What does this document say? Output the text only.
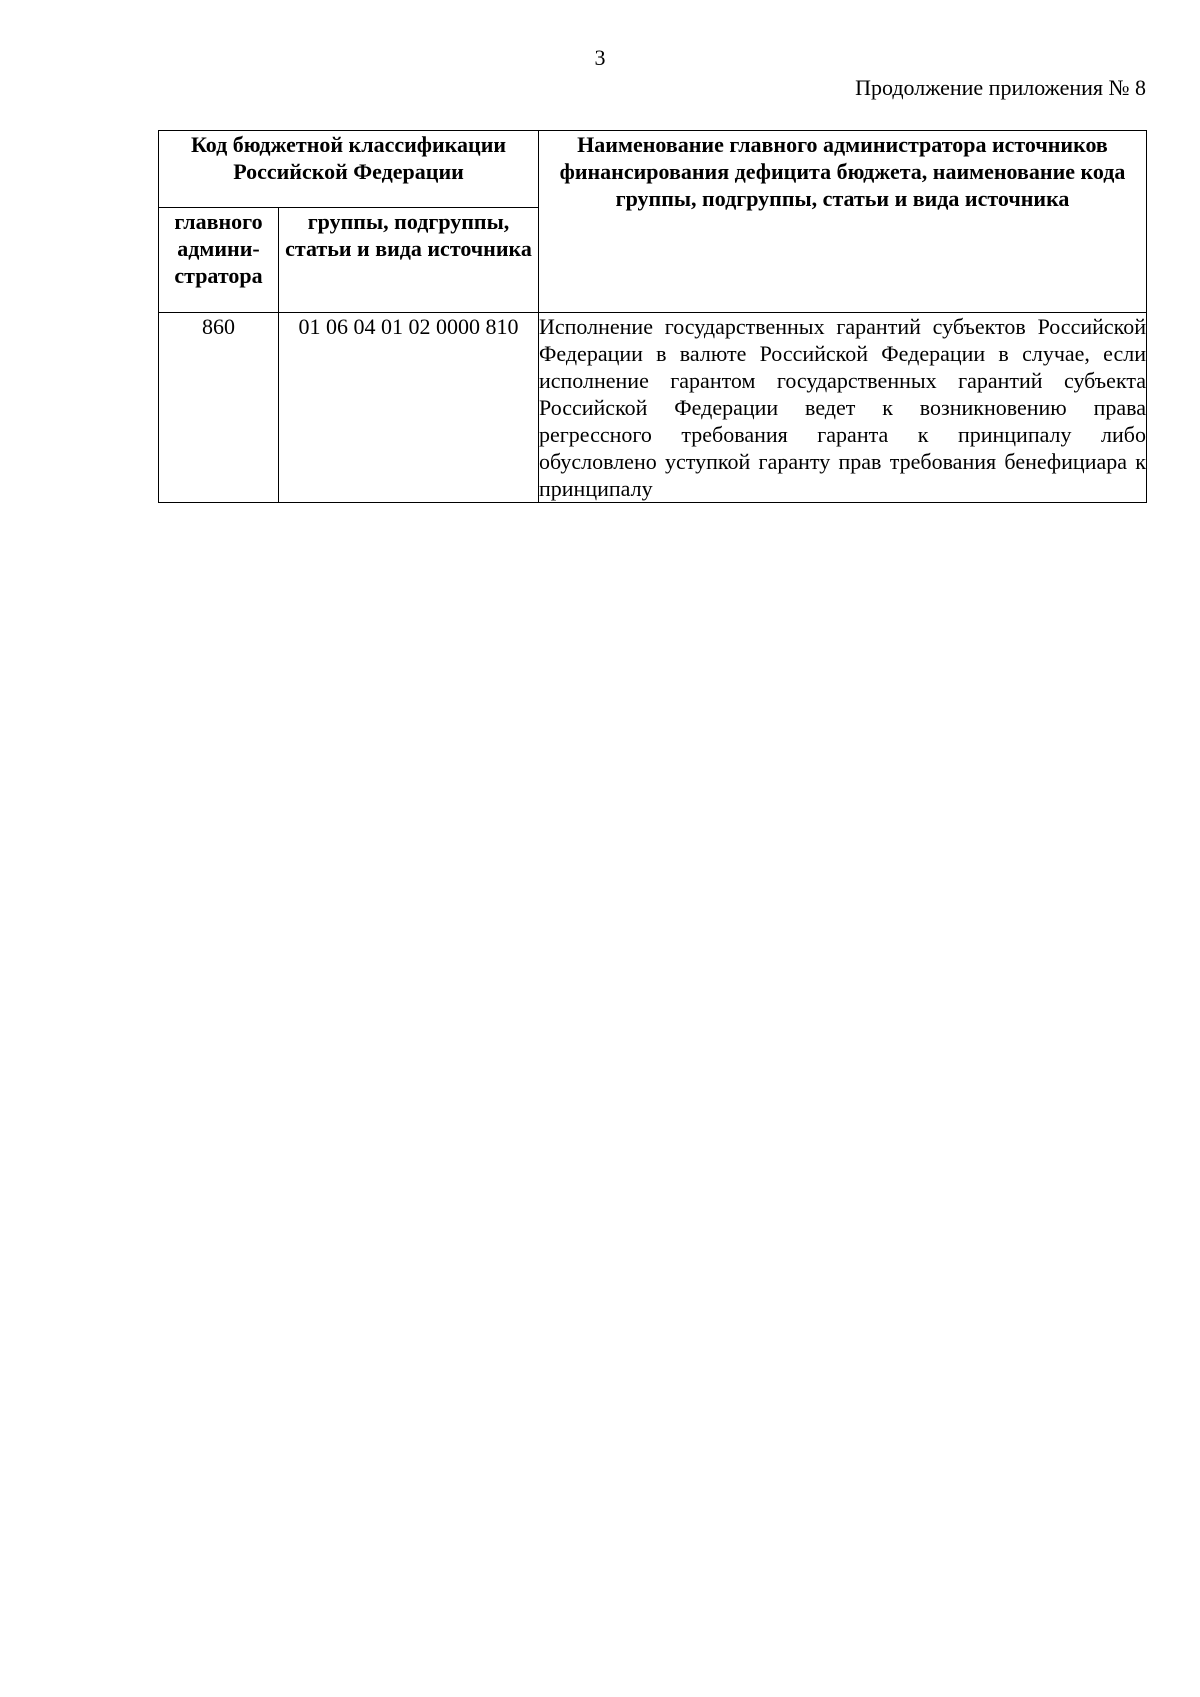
3
Продолжение приложения № 8
Код бюджетной классификации Российской Федерации		Наименование главного администратора источников финансирования дефицита бюджета, наименование кода группы, подгруппы, статьи и вида источника
главного админи-стратора	группы, подгруппы, статьи и вида источника	
860	01 06 04 01 02 0000 810	Исполнение государственных гарантий субъектов Российской Федерации в валюте Российской Федерации в случае, если исполнение гарантом государственных гарантий субъекта Российской Федерации ведет к возникновению права регрессного требования гаранта к принципалу либо обусловлено уступкой гаранту прав требования бенефициара к принципалу
